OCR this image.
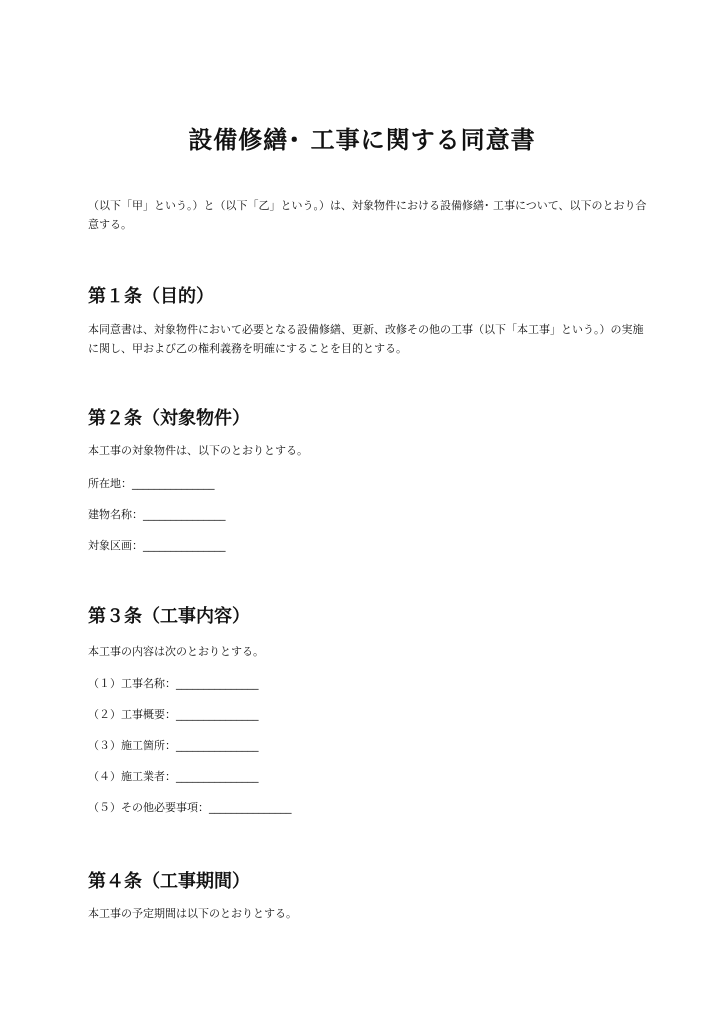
設備修繕･ 工事に関する同意書

（以下「甲」という。）と（以下「乙」という。）は、対象物件における設備修繕･ 工事について、以下のとおり合意する。

第１条（目的）

本同意書は、対象物件において必要となる設備修繕、更新、改修その他の工事（以下「本工事」という。）の実施に関し、甲および乙の権利義務を明確にすることを目的とする。

第２条（対象物件）

本工事の対象物件は、以下のとおりとする。

所在地：_______________

建物名称：_______________

対象区画：_______________

第３条（工事内容）

本工事の内容は次のとおりとする。

（１）工事名称：_______________

（２）工事概要：_______________

（３）施工箇所：_______________

（４）施工業者：_______________

（５）その他必要事項：_______________

第４条（工事期間）

本工事の予定期間は以下のとおりとする。
